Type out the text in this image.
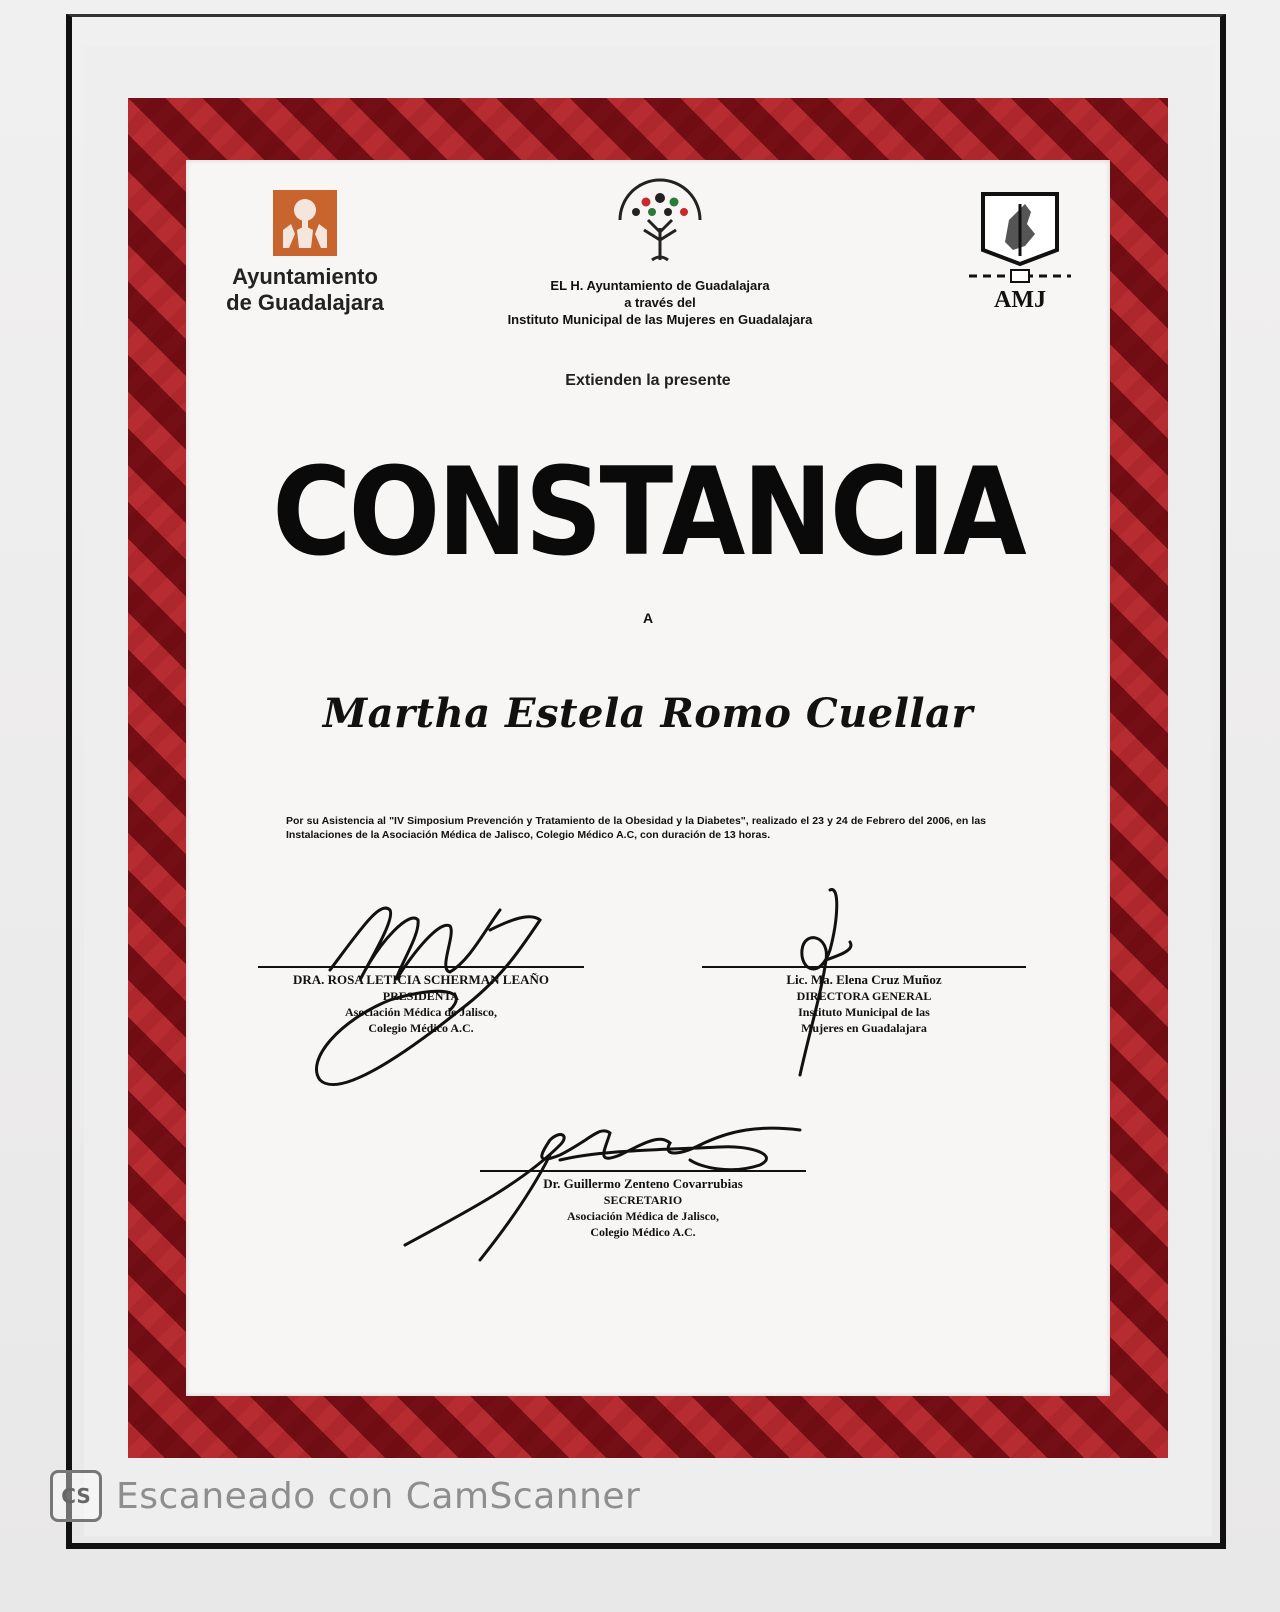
Ayuntamiento
de Guadalajara
EL H. Ayuntamiento de Guadalajara
a través del
Instituto Municipal de las Mujeres en Guadalajara
AMJ
Extienden la presente
CONSTANCIA
A
Martha Estela Romo Cuellar
Por su Asistencia al "IV Simposium Prevención y Tratamiento de la Obesidad y la Diabetes", realizado el 23 y 24 de Febrero del 2006, en las Instalaciones de la Asociación Médica de Jalisco, Colegio Médico A.C, con duración de 13 horas.
DRA. ROSA LETICIA SCHERMAN LEAÑO
PRESIDENTA
Asociación Médica de Jalisco,
Colegio Médico A.C.
Lic. Ma. Elena Cruz Muñoz
DIRECTORA GENERAL
Instituto Municipal de las
Mujeres en Guadalajara
Dr. Guillermo Zenteno Covarrubias
SECRETARIO
Asociación Médica de Jalisco,
Colegio Médico A.C.
CS Escaneado con CamScanner
